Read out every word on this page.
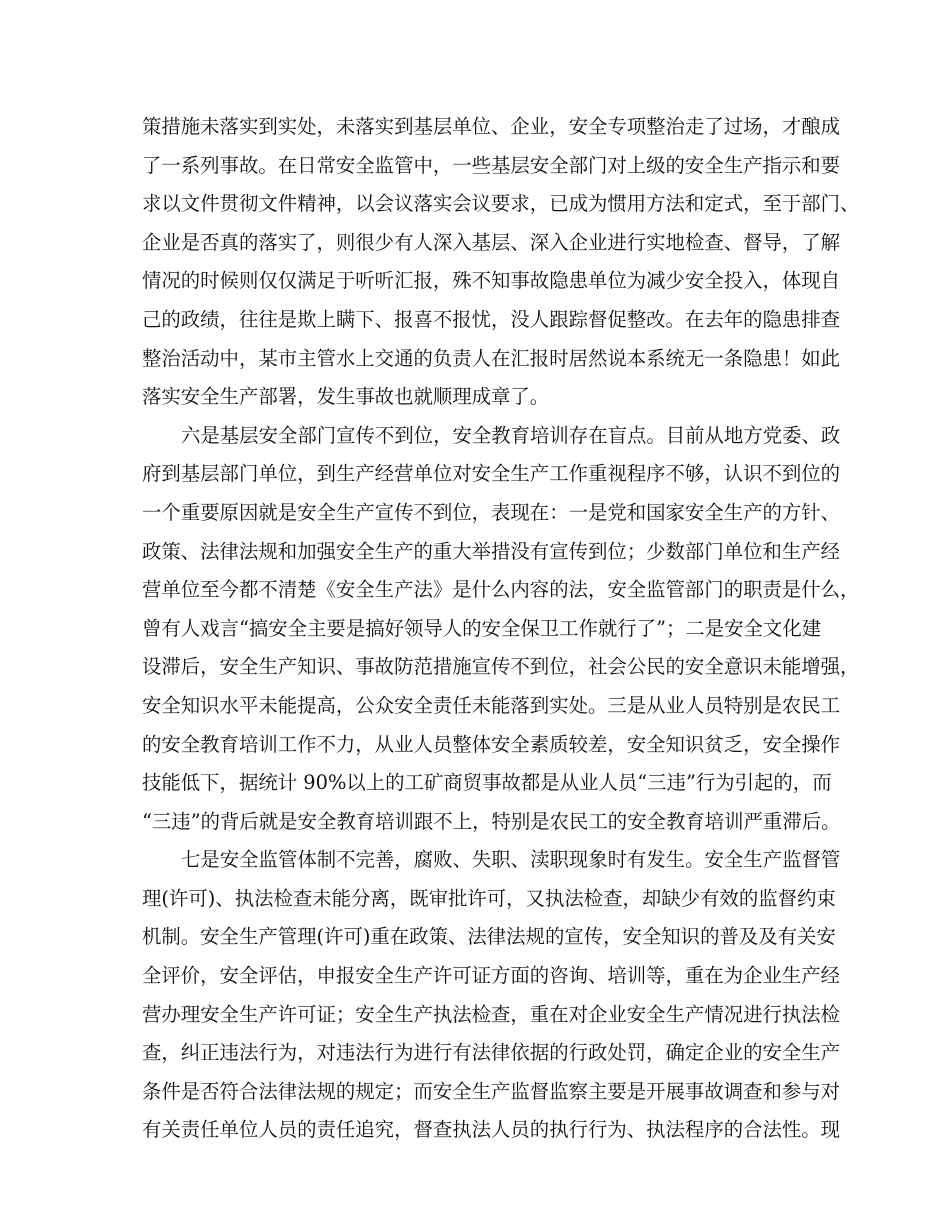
策措施未落实到实处，未落实到基层单位、企业，安全专项整治走了过场，才酿成
了一系列事故。在日常安全监管中，一些基层安全部门对上级的安全生产指示和要
求以文件贯彻文件精神，以会议落实会议要求，已成为惯用方法和定式，至于部门、
企业是否真的落实了，则很少有人深入基层、深入企业进行实地检查、督导，了解
情况的时候则仅仅满足于听听汇报，殊不知事故隐患单位为减少安全投入，体现自
己的政绩，往往是欺上瞒下、报喜不报忧，没人跟踪督促整改。在去年的隐患排查
整治活动中，某市主管水上交通的负责人在汇报时居然说本系统无一条隐患！如此
落实安全生产部署，发生事故也就顺理成章了。
六是基层安全部门宣传不到位，安全教育培训存在盲点。目前从地方党委、政
府到基层部门单位，到生产经营单位对安全生产工作重视程序不够，认识不到位的
一个重要原因就是安全生产宣传不到位，表现在：一是党和国家安全生产的方针、
政策、法律法规和加强安全生产的重大举措没有宣传到位；少数部门单位和生产经
营单位至今都不清楚《安全生产法》是什么内容的法，安全监管部门的职责是什么，
曾有人戏言“搞安全主要是搞好领导人的安全保卫工作就行了”；二是安全文化建
设滞后，安全生产知识、事故防范措施宣传不到位，社会公民的安全意识未能增强，
安全知识水平未能提高，公众安全责任未能落到实处。三是从业人员特别是农民工
的安全教育培训工作不力，从业人员整体安全素质较差，安全知识贫乏，安全操作
技能低下，据统计 90%以上的工矿商贸事故都是从业人员“三违”行为引起的，而
“三违”的背后就是安全教育培训跟不上，特别是农民工的安全教育培训严重滞后。
七是安全监管体制不完善，腐败、失职、渎职现象时有发生。安全生产监督管
理(许可)、执法检查未能分离，既审批许可，又执法检查，却缺少有效的监督约束
机制。安全生产管理(许可)重在政策、法律法规的宣传，安全知识的普及及有关安
全评价，安全评估，申报安全生产许可证方面的咨询、培训等，重在为企业生产经
营办理安全生产许可证；安全生产执法检查，重在对企业安全生产情况进行执法检
查，纠正违法行为，对违法行为进行有法律依据的行政处罚，确定企业的安全生产
条件是否符合法律法规的规定；而安全生产监督监察主要是开展事故调查和参与对
有关责任单位人员的责任追究，督查执法人员的执行行为、执法程序的合法性。现
